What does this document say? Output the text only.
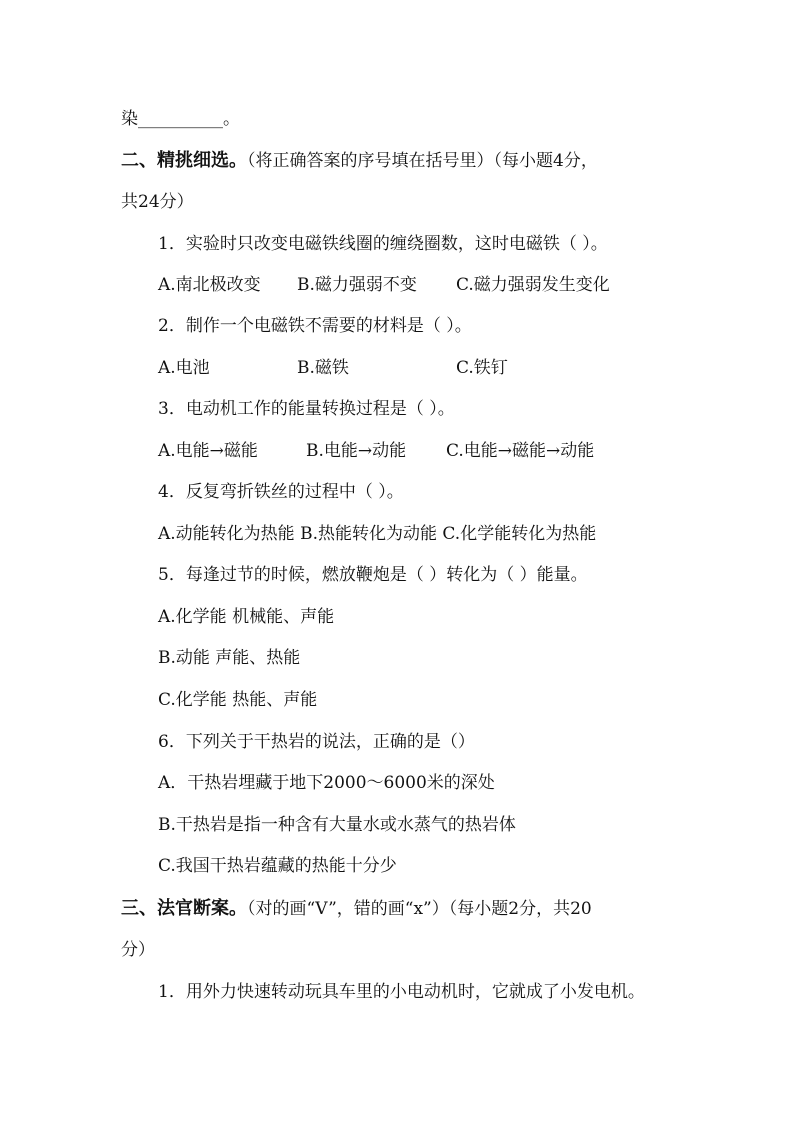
染__________。
二、精挑细选。（将正确答案的序号填在括号里）（每小题4分，
共24分）
1．实验时只改变电磁铁线圈的缠绕圈数，这时电磁铁（ ）。
A.南北极改变 B.磁力强弱不变 C.磁力强弱发生变化
2．制作一个电磁铁不需要的材料是（ ）。
A.电池	B.磁铁	C.铁钉
3．电动机工作的能量转换过程是（ ）。
A.电能→磁能	B.电能→动能 C.电能→磁能→动能
4．反复弯折铁丝的过程中（ ）。
A.动能转化为热能 B.热能转化为动能 C.化学能转化为热能
5．每逢过节的时候，燃放鞭炮是（ ）转化为（ ）能量。
A.化学能 机械能、声能
B.动能 声能、热能
C.化学能 热能、声能
6．下列关于干热岩的说法，正确的是（）
A．干热岩埋藏于地下2000～6000米的深处
B.干热岩是指一种含有大量水或水蒸气的热岩体
C.我国干热岩蕴藏的热能十分少
三、法官断案。（对的画“V”，错的画“x”）（每小题2分，共20
分）
1．用外力快速转动玩具车里的小电动机时，它就成了小发电机。
